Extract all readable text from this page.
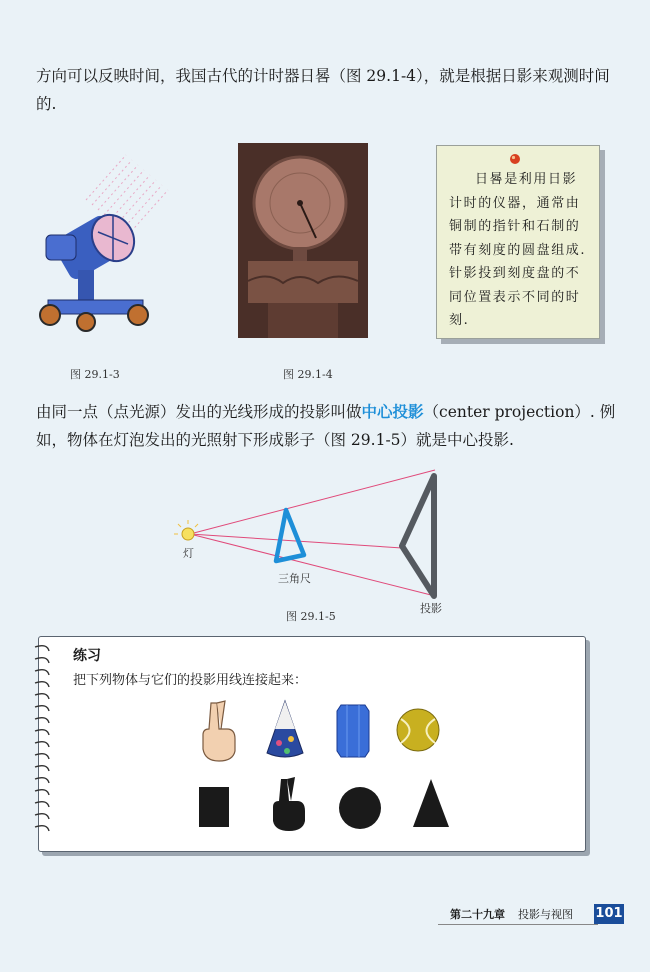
方向可以反映时间，我国古代的计时器日晷（图 29.1-4），就是根据日影来观测时间的.

图 29.1-3	图 29.1-4

日晷是利用日影计时的仪器，通常由铜制的指针和石制的带有刻度的圆盘组成.针影投到刻度盘的不同位置表示不同的时刻.

由同一点（点光源）发出的光线形成的投影叫做中心投影（center projection）. 例如，物体在灯泡发出的光照射下形成影子（图 29.1-5）就是中心投影.

灯
三角尺
投影
图 29.1-5
练习
把下列物体与它们的投影用线连接起来：
第二十九章 投影与视图 101
